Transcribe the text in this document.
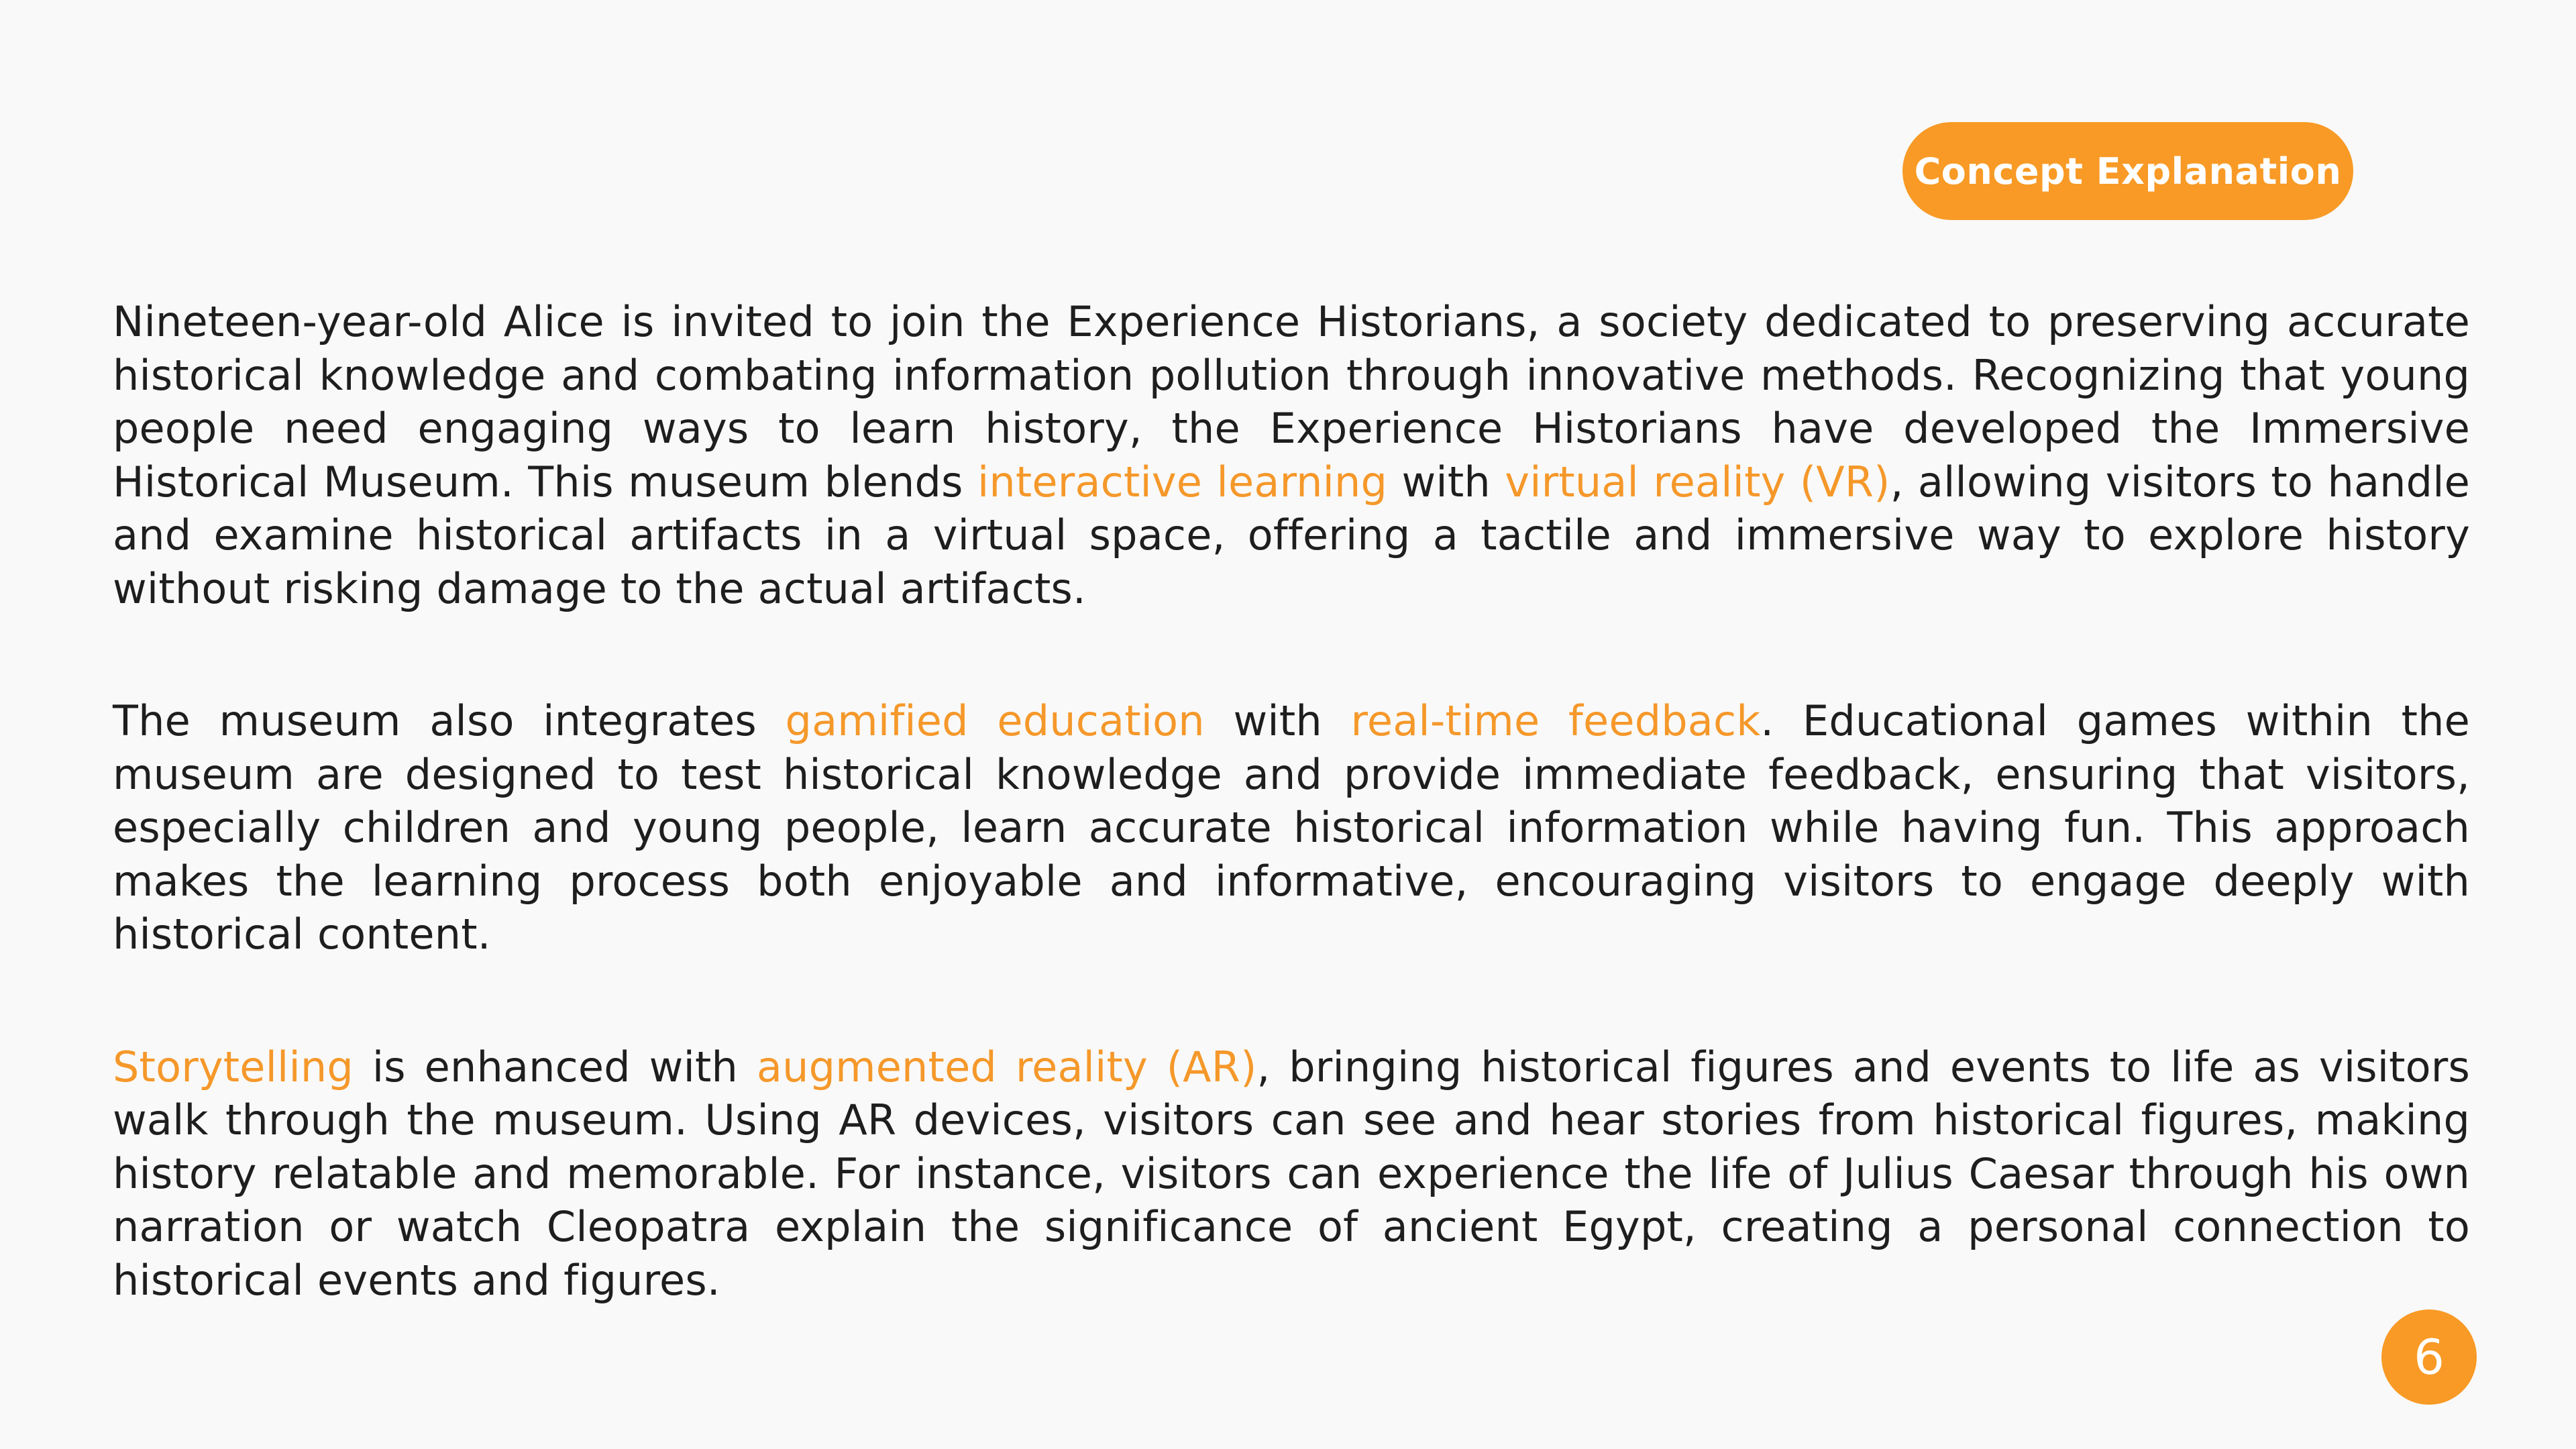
Concept Explanation

Nineteen-year-old Alice is invited to join the Experience Historians, a society dedicated to preserving accurate historical knowledge and combating information pollution through innovative methods. Recognizing that young people need engaging ways to learn history, the Experience Historians have developed the Immersive Historical Museum. This museum blends interactive learning with virtual reality (VR), allowing visitors to handle and examine historical artifacts in a virtual space, offering a tactile and immersive way to explore history without risking damage to the actual artifacts.

The museum also integrates gamified education with real-time feedback. Educational games within the museum are designed to test historical knowledge and provide immediate feedback, ensuring that visitors, especially children and young people, learn accurate historical information while having fun. This approach makes the learning process both enjoyable and informative, encouraging visitors to engage deeply with historical content.

Storytelling is enhanced with augmented reality (AR), bringing historical figures and events to life as visitors walk through the museum. Using AR devices, visitors can see and hear stories from historical figures, making history relatable and memorable. For instance, visitors can experience the life of Julius Caesar through his own narration or watch Cleopatra explain the significance of ancient Egypt, creating a personal connection to historical events and figures.

6
